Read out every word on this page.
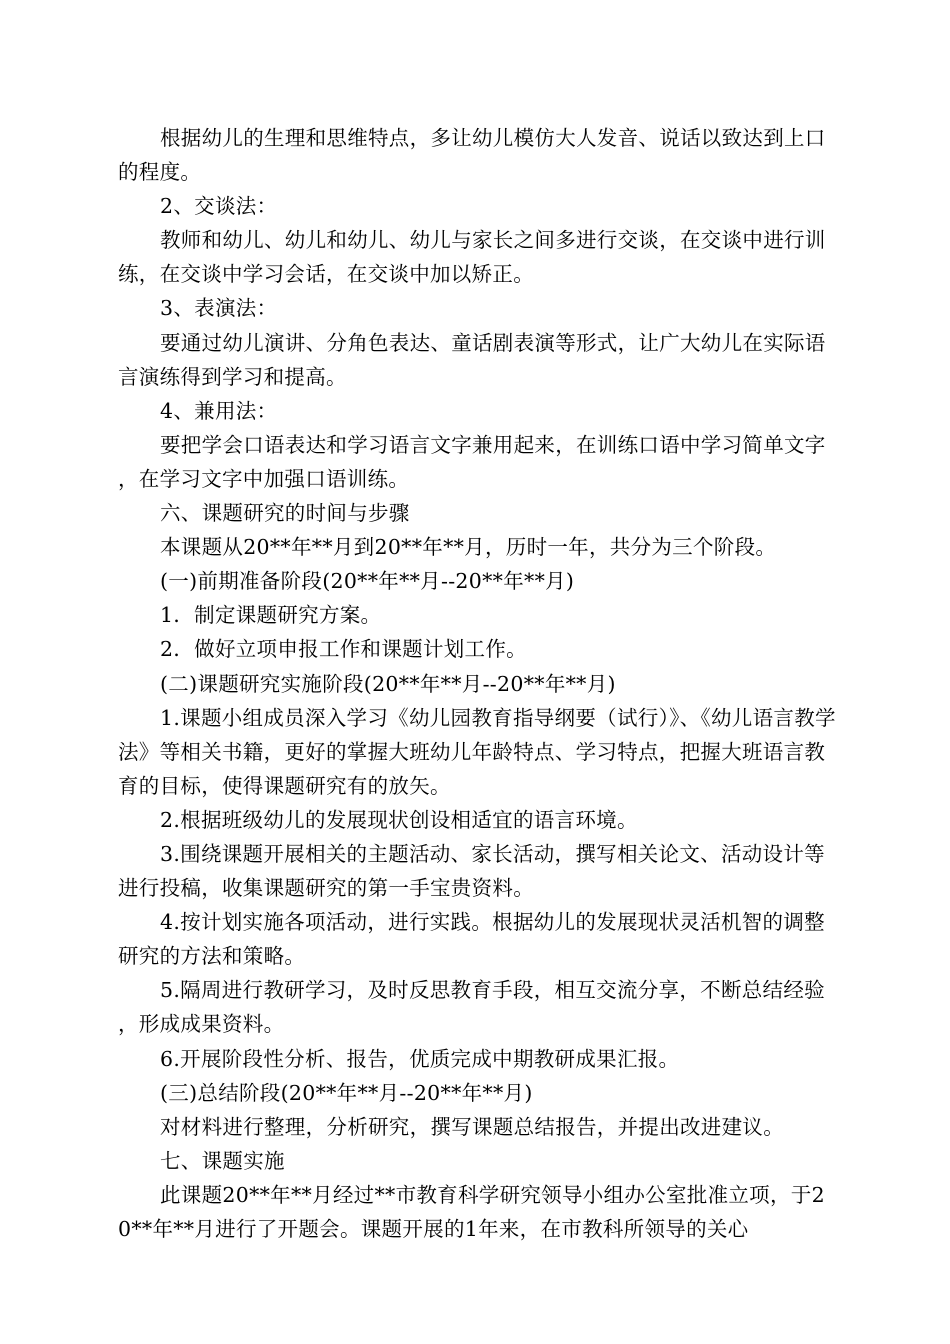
根据幼儿的生理和思维特点，多让幼儿模仿大人发音、说话以致达到上口的程度。

2、交谈法：

教师和幼儿、幼儿和幼儿、幼儿与家长之间多进行交谈，在交谈中进行训练，在交谈中学习会话，在交谈中加以矫正。

3、表演法：

要通过幼儿演讲、分角色表达、童话剧表演等形式，让广大幼儿在实际语言演练得到学习和提高。

4、兼用法：

要把学会口语表达和学习语言文字兼用起来，在训练口语中学习简单文字，在学习文字中加强口语训练。

六、课题研究的时间与步骤

本课题从20**年**月到20**年**月，历时一年，共分为三个阶段。

(一)前期准备阶段(20**年**月--20**年**月)

1．制定课题研究方案。

2．做好立项申报工作和课题计划工作。

(二)课题研究实施阶段(20**年**月--20**年**月)

1.课题小组成员深入学习《幼儿园教育指导纲要（试行）》、《幼儿语言教学法》等相关书籍，更好的掌握大班幼儿年龄特点、学习特点，把握大班语言教育的目标，使得课题研究有的放矢。

2.根据班级幼儿的发展现状创设相适宜的语言环境。

3.围绕课题开展相关的主题活动、家长活动，撰写相关论文、活动设计等进行投稿，收集课题研究的第一手宝贵资料。

4.按计划实施各项活动，进行实践。根据幼儿的发展现状灵活机智的调整研究的方法和策略。

5.隔周进行教研学习，及时反思教育手段，相互交流分享，不断总结经验，形成成果资料。

6.开展阶段性分析、报告，优质完成中期教研成果汇报。

(三)总结阶段(20**年**月--20**年**月)

对材料进行整理，分析研究，撰写课题总结报告，并提出改进建议。

七、课题实施

此课题20**年**月经过**市教育科学研究领导小组办公室批准立项，于20**年**月进行了开题会。课题开展的1年来，在市教科所领导的关心
